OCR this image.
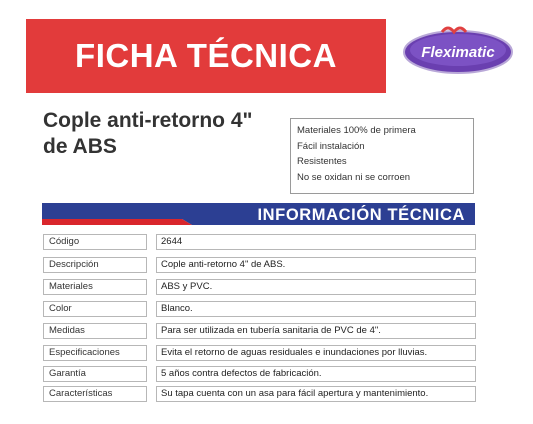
FICHA TÉCNICA	Fleximatic
Cople anti-retorno 4"
de ABS
Materiales 100% de primera
Fácil instalación
Resistentes
No se oxidan ni se corroen
INFORMACIÓN TÉCNICA
Código	2644
Descripción	Cople anti-retorno 4" de ABS.
Materiales	ABS y PVC.
Color	Blanco.
Medidas	Para ser utilizada en tubería sanitaria de PVC de 4".
Especificaciones	Evita el retorno de aguas residuales e inundaciones por lluvias.
Garantía	5 años contra defectos de fabricación.
Características	Su tapa cuenta con un asa para fácil apertura y mantenimiento.
